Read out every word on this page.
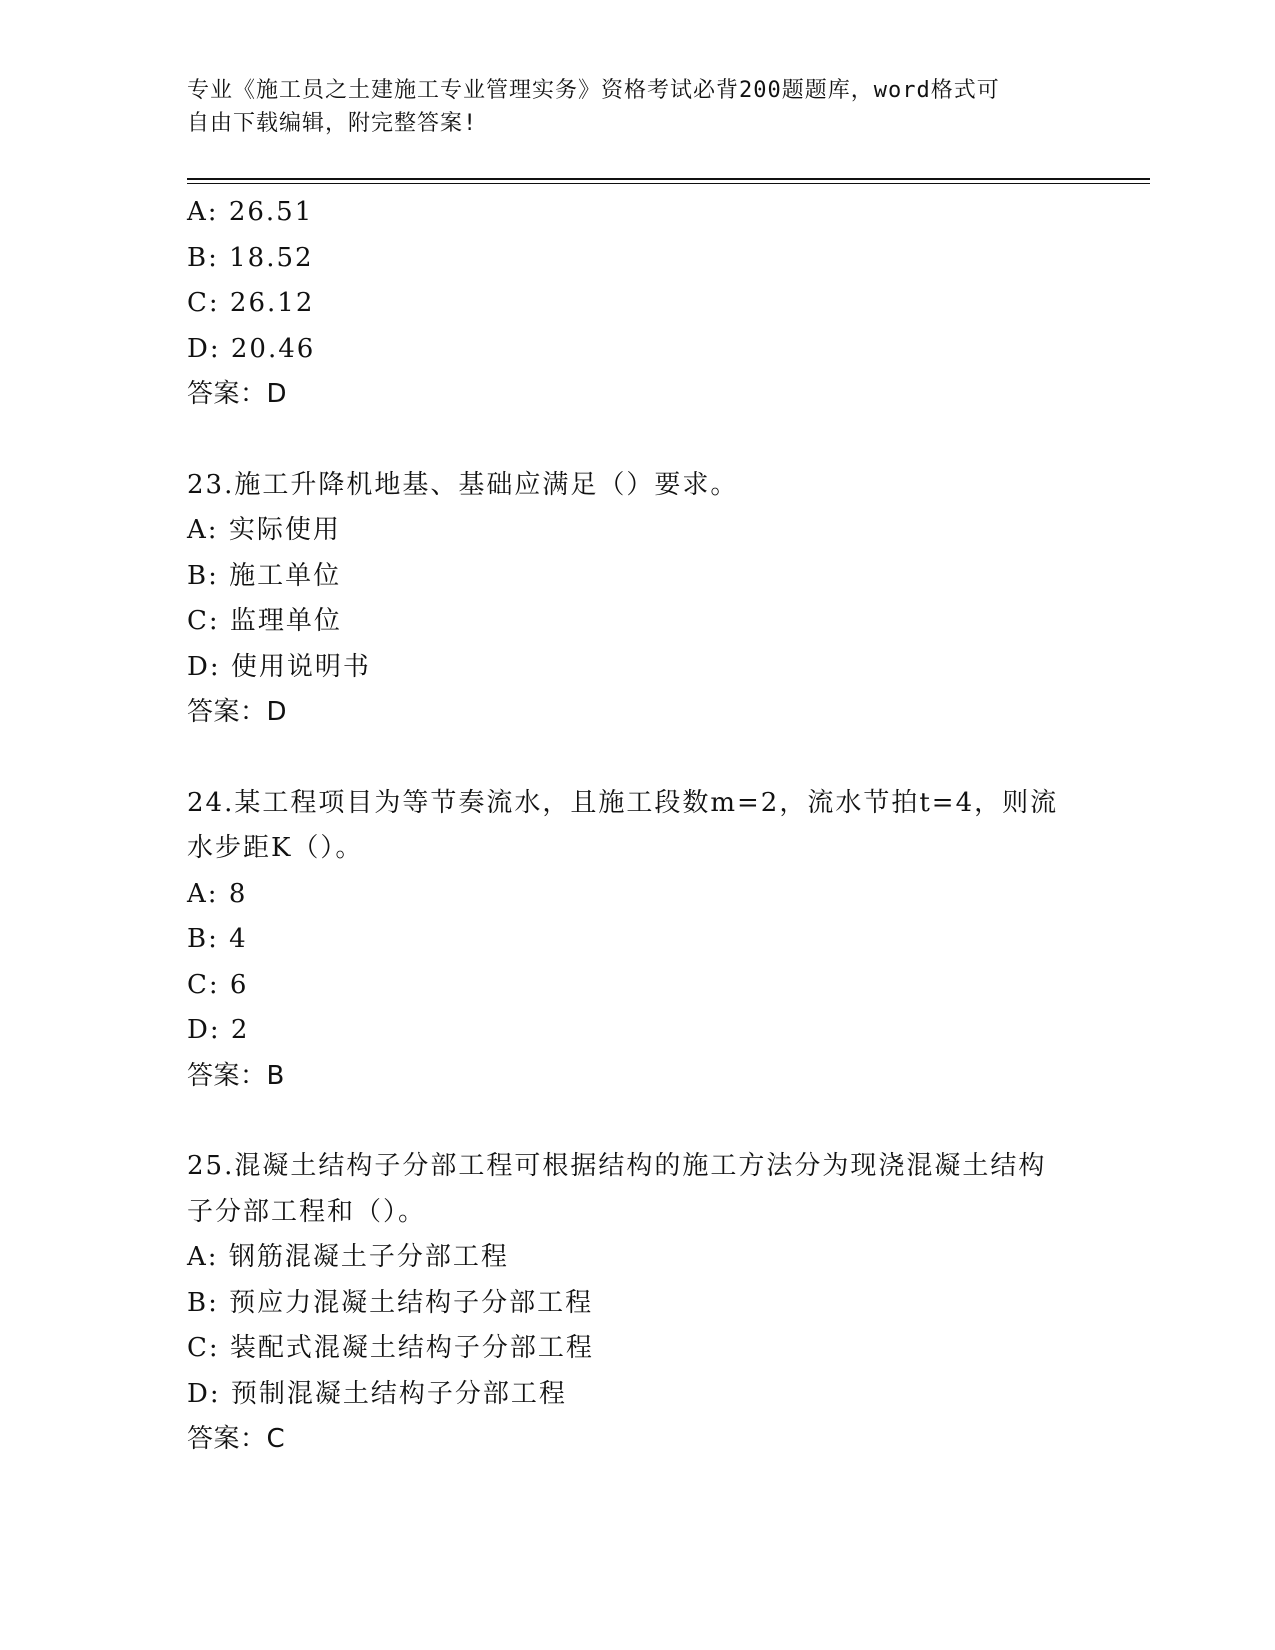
专业《施工员之土建施工专业管理实务》资格考试必背200题题库，word格式可
自由下载编辑，附完整答案!
A: 26.51
B: 18.52
C: 26.12
D: 20.46
答案：D
23.施工升降机地基、基础应满足（）要求。
A: 实际使用
B: 施工单位
C: 监理单位
D: 使用说明书
答案：D
24.某工程项目为等节奏流水，且施工段数m=2，流水节拍t=4，则流
水步距K（）。
A: 8
B: 4
C: 6
D: 2
答案：B
25.混凝土结构子分部工程可根据结构的施工方法分为现浇混凝土结构
子分部工程和（）。
A: 钢筋混凝土子分部工程
B: 预应力混凝土结构子分部工程
C: 装配式混凝土结构子分部工程
D: 预制混凝土结构子分部工程
答案：C
